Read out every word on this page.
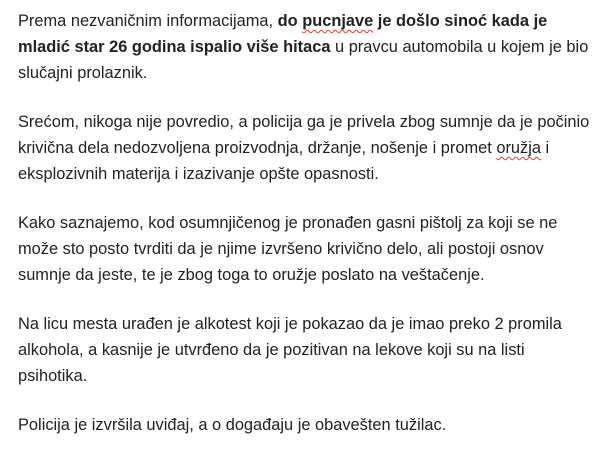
Prema nezvaničnim informacijama, do pucnjave je došlo sinoć kada je mladić star 26 godina ispalio više hitaca u pravcu automobila u kojem je bio slučajni prolaznik.

Srećom, nikoga nije povredio, a policija ga je privela zbog sumnje da je počinio krivična dela nedozvoljena proizvodnja, držanje, nošenje i promet oružja i eksplozivnih materija i izazivanje opšte opasnosti.

Kako saznajemo, kod osumnjičenog je pronađen gasni pištolj za koji se ne može sto posto tvrditi da je njime izvršeno krivično delo, ali postoji osnov sumnje da jeste, te je zbog toga to oružje poslato na veštačenje.

Na licu mesta urađen je alkotest koji je pokazao da je imao preko 2 promila alkohola, a kasnije je utvrđeno da je pozitivan na lekove koji su na listi psihotika.

Policija je izvršila uviđaj, a o događaju je obavešten tužilac.
